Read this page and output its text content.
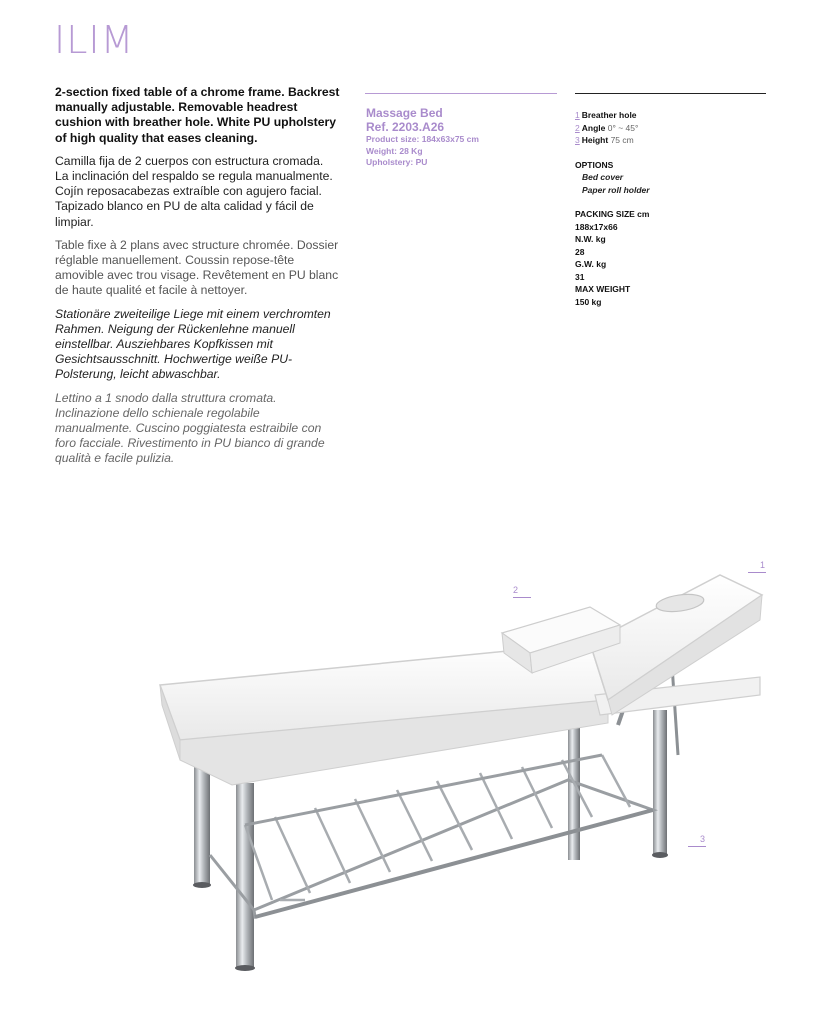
ILIM

2-section fixed table of a chrome frame. Backrest manually adjustable. Removable headrest cushion with breather hole. White PU upholstery of high quality that eases cleaning.

Camilla fija de 2 cuerpos con estructura cromada. La inclinación del respaldo se regula manualmente. Cojín reposacabezas extraíble con agujero facial. Tapizado blanco en PU de alta calidad y fácil de limpiar.

Table fixe à 2 plans avec structure chromée. Dossier réglable manuellement. Coussin repose-tête amovible avec trou visage. Revêtement en PU blanc de haute qualité et facile à nettoyer.

Stationäre zweiteilige Liege mit einem verchromten Rahmen. Neigung der Rückenlehne manuell einstellbar. Ausziehbares Kopfkissen mit Gesichtsausschnitt. Hochwertige weiße PU- Polsterung, leicht abwaschbar.

Lettino a 1 snodo dalla struttura cromata. Inclinazione dello schienale regolabile manualmente. Cuscino poggiatesta estraibile con foro facciale. Rivestimento in PU bianco di grande qualità e facile pulizia.

Massage Bed
Ref. 2203.A26
Product size: 184x63x75 cm
Weight: 28 Kg
Upholstery: PU
1 Breather hole
2 Angle 0° ~ 45°
3 Height 75 cm
OPTIONS
Bed cover
Paper roll holder
PACKING SIZE cm
188x17x66
N.W. kg
28
G.W. kg
31
MAX WEIGHT
150 kg
1
2
3
